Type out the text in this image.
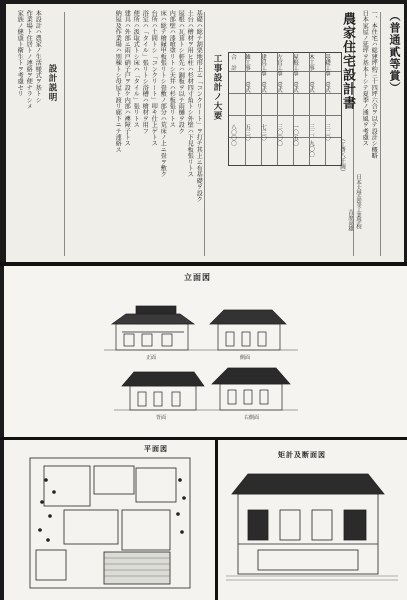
（普通貳等賞）
一、本住宅ハ総建坪約三十四坪六合ヲ以テ設計シ概略
日本家屋ノ延坪ヲ基本トシテ夏季ノ通風ヲ考慮ス
農家住宅設計書
（工費八千圓）
基礎工事　壹式
木工事　　壹式
屋根工事　壹式
左官工事　壹式
建具工事　壹式
雑工事　　壹式
合　計
三二〇
三二、九〇〇
一〇五〇
三〇〇〇
七三〇
五三〇
八〇〇〇
日本大學高等工業學校
吉原高雄
工事設計ノ大要
基礎ハ総テ割栗地形上ニ「コンクリート」ヲ打チ其上ニ布基礎ヲ設ク
土台ハ檜材ヲ用ヒ柱ハ杉材四寸角トシ外壁ハ下見板張リトス
屋根ハ瓦葺トシ軒先ハ銅板ヲ以テ雨樋ヲ設ク
内部壁ハ漆喰塗リトシ天井ハ杉板張リトス
床ハ総テ檜縁甲板張リトシ畳敷ノ部分ハ荒床ノ上ニ畳ヲ敷ク
台所ハ土間トシ「コンクリート」叩キ仕上ゲトス
浴室ハ「タイル」張リトシ浴槽ハ檜材ヲ用フ
便所ハ汲取式トシ床ハ「タイル」張リトス
建具ハ外部ニ雨戸硝子戸ヲ設ケ内部ハ襖障子トス
納屋及作業場ハ別棟トシ母屋ト渡リ廊下ニテ連絡ス
設計説明
本設計ハ農家ノ生活様式ヲ基トシ
作業場ト住居トノ連絡ヲ便ナラシメ
家族ノ健康ト衛生トヲ考慮セリ
立面図
正面	側面
背面	右側面
平面図
矩計及断面図
